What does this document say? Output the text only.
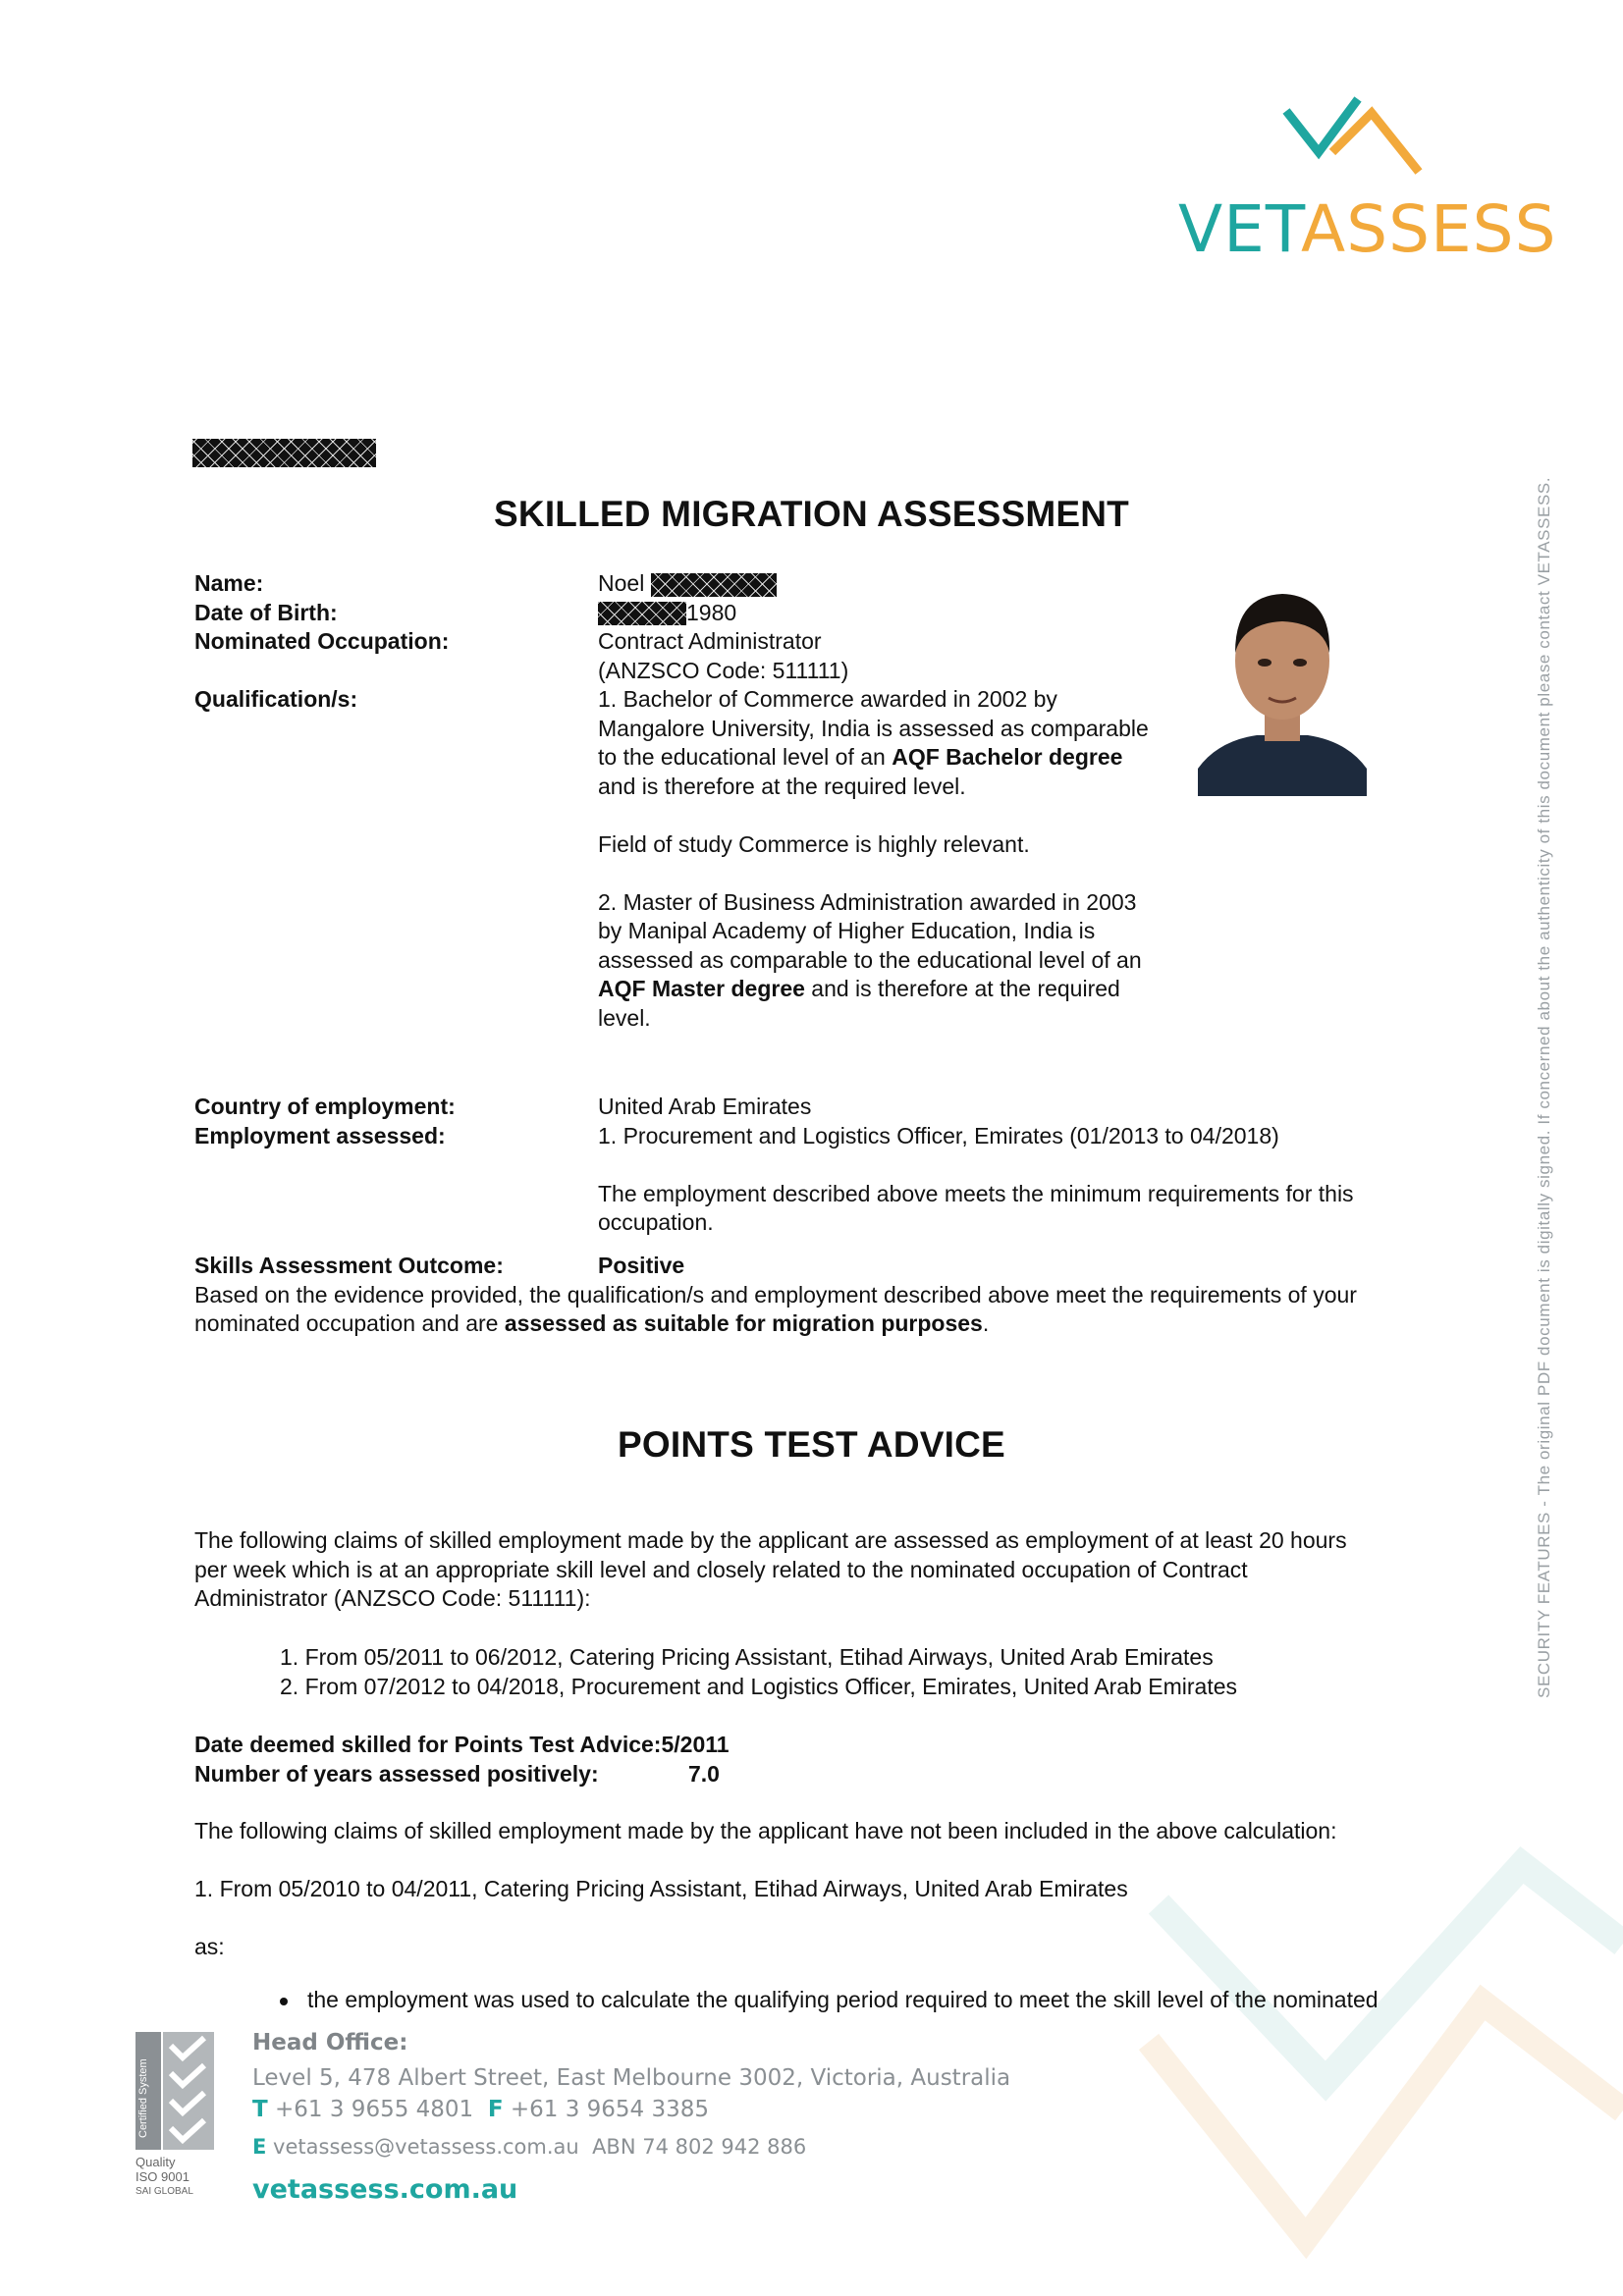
VETASSESS
SECURITY FEATURES - The original PDF document is digitally signed. If concerned about the authenticity of this document please contact VETASSESS.
SKILLED MIGRATION ASSESSMENT
Name:
Date of Birth:
Nominated Occupation:
Qualification/s:
Noel
1980
Contract Administrator
(ANZSCO Code: 511111)
1. Bachelor of Commerce awarded in 2002 by
Mangalore University, India is assessed as comparable
to the educational level of an AQF Bachelor degree
and is therefore at the required level.
Field of study Commerce is highly relevant.
2. Master of Business Administration awarded in 2003
by Manipal Academy of Higher Education, India is
assessed as comparable to the educational level of an
AQF Master degree and is therefore at the required
level.
Country of employment:
Employment assessed:
United Arab Emirates
1. Procurement and Logistics Officer, Emirates (01/2013 to 04/2018)
The employment described above meets the minimum requirements for this
occupation.
Skills Assessment Outcome:	Positive
Based on the evidence provided, the qualification/s and employment described above meet the requirements of your
nominated occupation and are assessed as suitable for migration purposes.
POINTS TEST ADVICE
The following claims of skilled employment made by the applicant are assessed as employment of at least 20 hours
per week which is at an appropriate skill level and closely related to the nominated occupation of Contract
Administrator (ANZSCO Code: 511111):
1. From 05/2011 to 06/2012, Catering Pricing Assistant, Etihad Airways, United Arab Emirates
2. From 07/2012 to 04/2018, Procurement and Logistics Officer, Emirates, United Arab Emirates
Date deemed skilled for Points Test Advice:5/2011
Number of years assessed positively:	7.0
The following claims of skilled employment made by the applicant have not been included in the above calculation:
1. From 05/2010 to 04/2011, Catering Pricing Assistant, Etihad Airways, United Arab Emirates
as:
the employment was used to calculate the qualifying period required to meet the skill level of the nominated
Certified System
Quality
ISO 9001
SAI GLOBAL
Head Office:
Level 5, 478 Albert Street, East Melbourne 3002, Victoria, Australia
T +61 3 9655 4801 F +61 3 9654 3385
E vetassess@vetassess.com.au ABN 74 802 942 886
vetassess.com.au
